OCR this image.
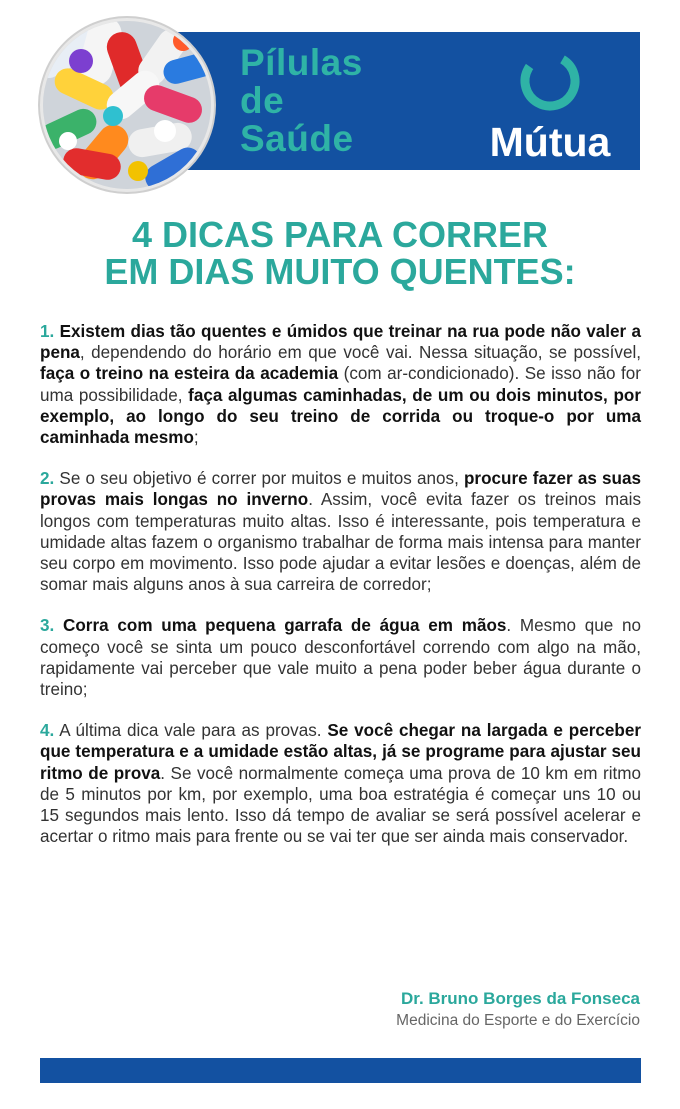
Pílulas
de
Saúde	Mútua
4 DICAS PARA CORRER
EM DIAS MUITO QUENTES:

1. Existem dias tão quentes e úmidos que treinar na rua pode não valer a pena, dependendo do horário em que você vai. Nessa situação, se possível, faça o treino na esteira da academia (com ar-condicionado). Se isso não for uma possibilidade, faça algumas caminhadas, de um ou dois minutos, por exemplo, ao longo do seu treino de corrida ou troque-o por uma caminhada mesmo;

2. Se o seu objetivo é correr por muitos e muitos anos, procure fazer as suas provas mais longas no inverno. Assim, você evita fazer os treinos mais longos com temperaturas muito altas. Isso é interessante, pois temperatura e umidade altas fazem o organismo trabalhar de forma mais intensa para manter seu corpo em movimento. Isso pode ajudar a evitar lesões e doenças, além de somar mais alguns anos à sua carreira de corredor;

3. Corra com uma pequena garrafa de água em mãos. Mesmo que no começo você se sinta um pouco desconfortável correndo com algo na mão, rapidamente vai perceber que vale muito a pena poder beber água durante o treino;

4. A última dica vale para as provas. Se você chegar na largada e perceber que temperatura e a umidade estão altas, já se programe para ajustar seu ritmo de prova. Se você normalmente começa uma prova de 10 km em ritmo de 5 minutos por km, por exemplo, uma boa estratégia é começar uns 10 ou 15 segundos mais lento. Isso dá tempo de avaliar se será possível acelerar e acertar o ritmo mais para frente ou se vai ter que ser ainda mais conservador.

Dr. Bruno Borges da Fonseca
Medicina do Esporte e do Exercício
